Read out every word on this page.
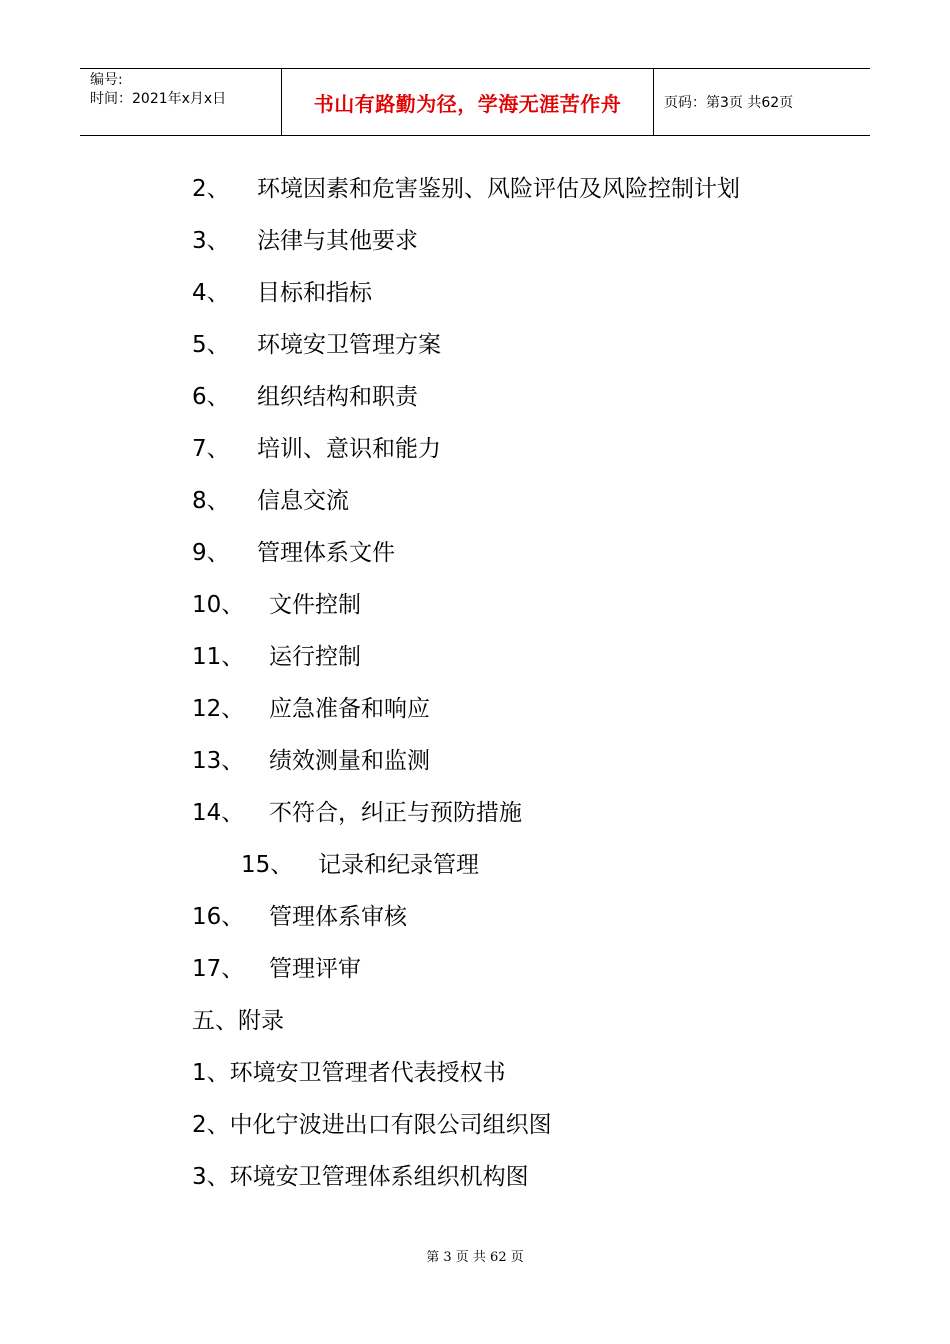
编号:
时间：2021年x月x日	书山有路勤为径，学海无涯苦作舟	页码：第3页 共62页
2、 环境因素和危害鉴别、风险评估及风险控制计划
3、 法律与其他要求
4、 目标和指标
5、 环境安卫管理方案
6、 组织结构和职责
7、 培训、意识和能力
8、 信息交流
9、 管理体系文件
10、 文件控制
11、 运行控制
12、 应急准备和响应
13、 绩效测量和监测
14、 不符合，纠正与预防措施
15、 记录和纪录管理
16、 管理体系审核
17、 管理评审
五、附录
1、环境安卫管理者代表授权书
2、中化宁波进出口有限公司组织图
3、环境安卫管理体系组织机构图
第 3 页 共 62 页
